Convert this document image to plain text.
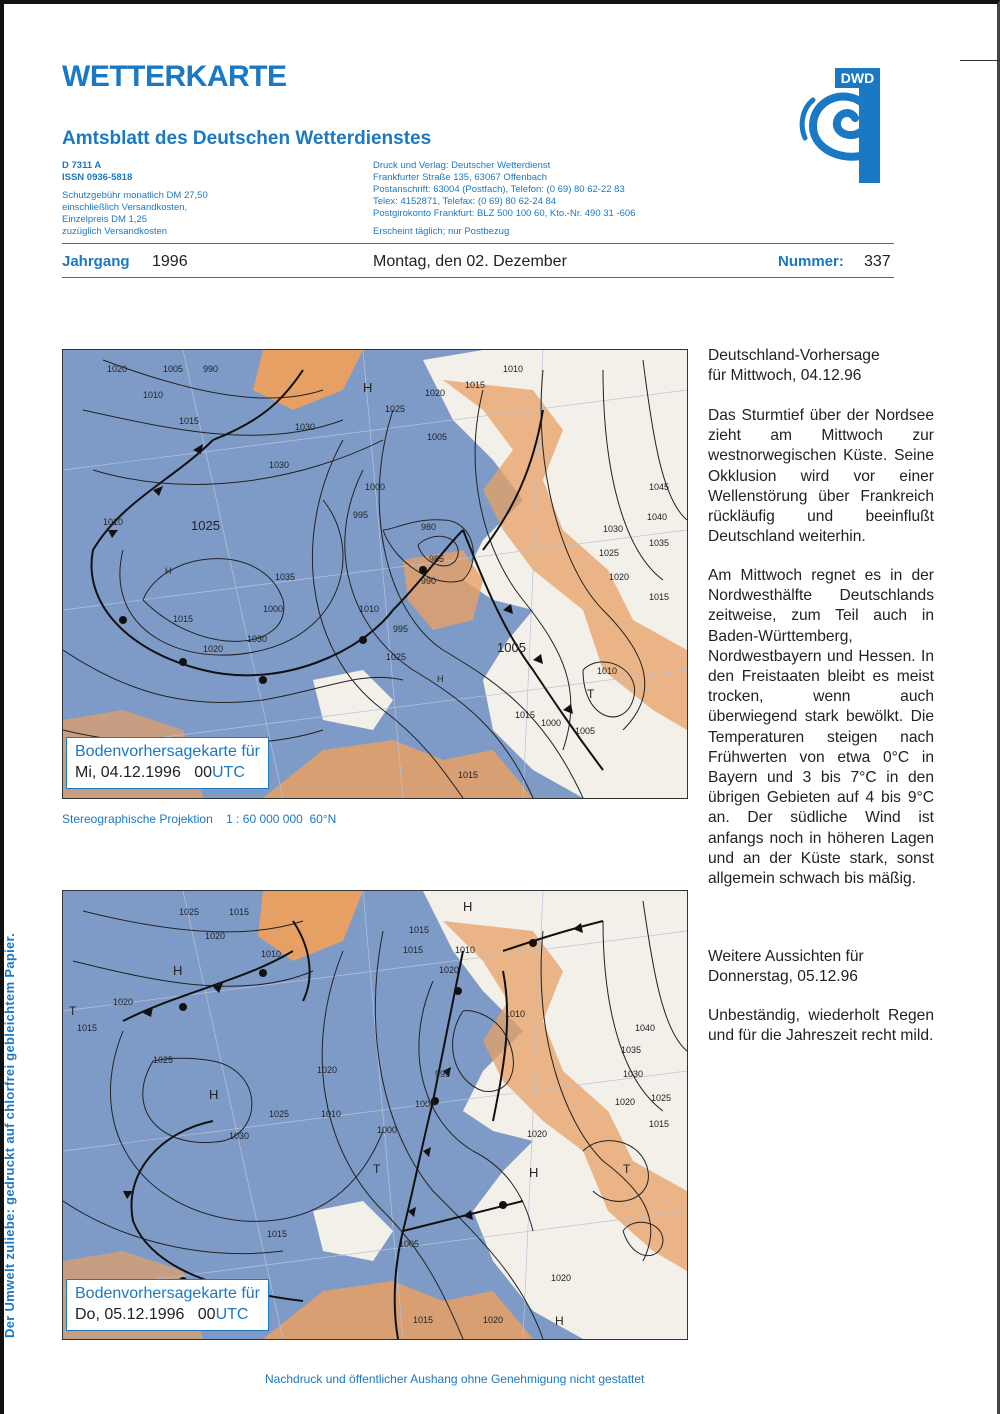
WETTERKARTE
Amtsblatt des Deutschen Wetterdienstes
D 7311 A
ISSN 0936-5818
Schutzgebühr monatlich DM 27,50
einschließlich Versandkosten,
Einzelpreis DM 1,25
zuzüglich Versandkosten
Druck und Verlag: Deutscher Wetterdienst
Frankfurter Straße 135, 63067 Offenbach
Postanschrift: 63004 (Postfach), Telefon: (0 69) 80 62-22 83
Telex: 4152871, Telefax: (0 69) 80 62-24 84
Postgirokonto Frankfurt: BLZ 500 100 60, Kto.-Nr. 490 31 -606
Erscheint täglich; nur Postbezug
DWD
Jahrgang 1996	Montag, den 02. Dezember	Nummer: 337
1020	1005 990
1010
1015
H
1025
1020
1015
1010
1030
1005
1030
1000
995
980
985
990
1045
1040
1035
1030
1025
1020
1015
1010	1025
H
1035
1010
995
1000
1015
1030
1020
1025
1005
H
1015
1010
1000
1005
1015
T
Bodenvorhersagekarte für
Mi, 04.12.1996 00UTC
Stereographische Projektion    1 : 60 000 000  60°N
1025	1015
1020
1010
1015
1010
1015
1020
H
H
1020
1015
T
995
1010
1040
1035
1030
1025
1020
1015
1025
1020
H
1000
1030
1025	1010
1000
H
1020
T
1015
1005
1020
1015	1020	H
T
Bodenvorhersagekarte für
Do, 05.12.1996 00UTC
Deutschland-Vorhersage
für Mittwoch, 04.12.96
Das Sturmtief über der Nordsee zieht am Mittwoch zur westnorwegischen Küste. Seine Okklusion wird vor einer Wellenstörung über Frankreich rückläufig und beeinflußt Deutschland weiterhin.
Am Mittwoch regnet es in der Nordwesthälfte Deutschlands zeitweise, zum Teil auch in Baden-Württemberg, Nordwestbayern und Hessen. In den Freistaaten bleibt es meist trocken, wenn auch überwiegend stark bewölkt. Die Temperaturen steigen nach Frühwerten von etwa 0°C in Bayern und 3 bis 7°C in den übrigen Gebieten auf 4 bis 9°C an. Der südliche Wind ist anfangs noch in höheren Lagen und an der Küste stark, sonst allgemein schwach bis mäßig.
Weitere Aussichten für
Donnerstag, 05.12.96
Unbeständig, wiederholt Regen und für die Jahreszeit recht mild.
Der Umwelt zuliebe: gedruckt auf chlorfrei gebleichtem Papier.
Nachdruck und öffentlicher Aushang ohne Genehmigung nicht gestattet
